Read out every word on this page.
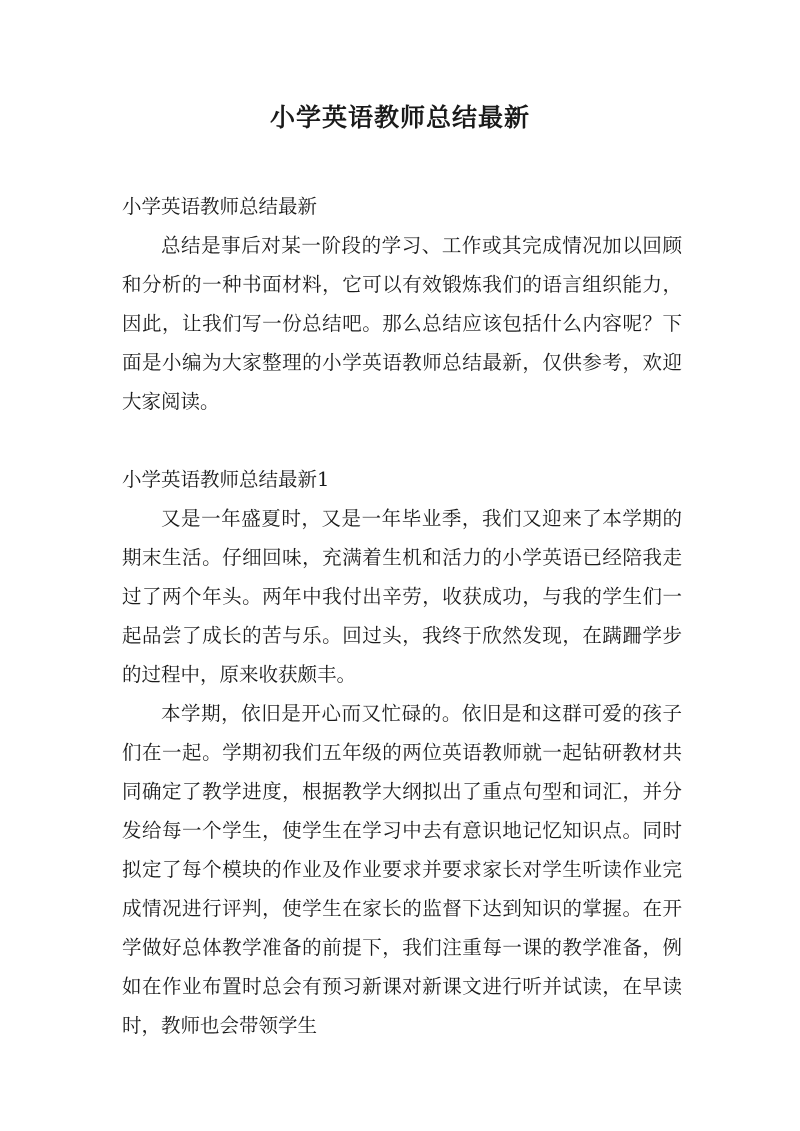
小学英语教师总结最新

小学英语教师总结最新

总结是事后对某一阶段的学习、工作或其完成情况加以回顾和分析的一种书面材料，它可以有效锻炼我们的语言组织能力，因此，让我们写一份总结吧。那么总结应该包括什么内容呢？下面是小编为大家整理的小学英语教师总结最新，仅供参考，欢迎大家阅读。

小学英语教师总结最新1

又是一年盛夏时，又是一年毕业季，我们又迎来了本学期的期末生活。仔细回味，充满着生机和活力的小学英语已经陪我走过了两个年头。两年中我付出辛劳，收获成功，与我的学生们一起品尝了成长的苦与乐。回过头，我终于欣然发现，在蹒跚学步的过程中，原来收获颇丰。

本学期，依旧是开心而又忙碌的。依旧是和这群可爱的孩子们在一起。学期初我们五年级的两位英语教师就一起钻研教材共同确定了教学进度，根据教学大纲拟出了重点句型和词汇，并分发给每一个学生，使学生在学习中去有意识地记忆知识点。同时拟定了每个模块的作业及作业要求并要求家长对学生听读作业完成情况进行评判，使学生在家长的监督下达到知识的掌握。在开学做好总体教学准备的前提下，我们注重每一课的教学准备，例如在作业布置时总会有预习新课对新课文进行听并试读，在早读时，教师也会带领学生
